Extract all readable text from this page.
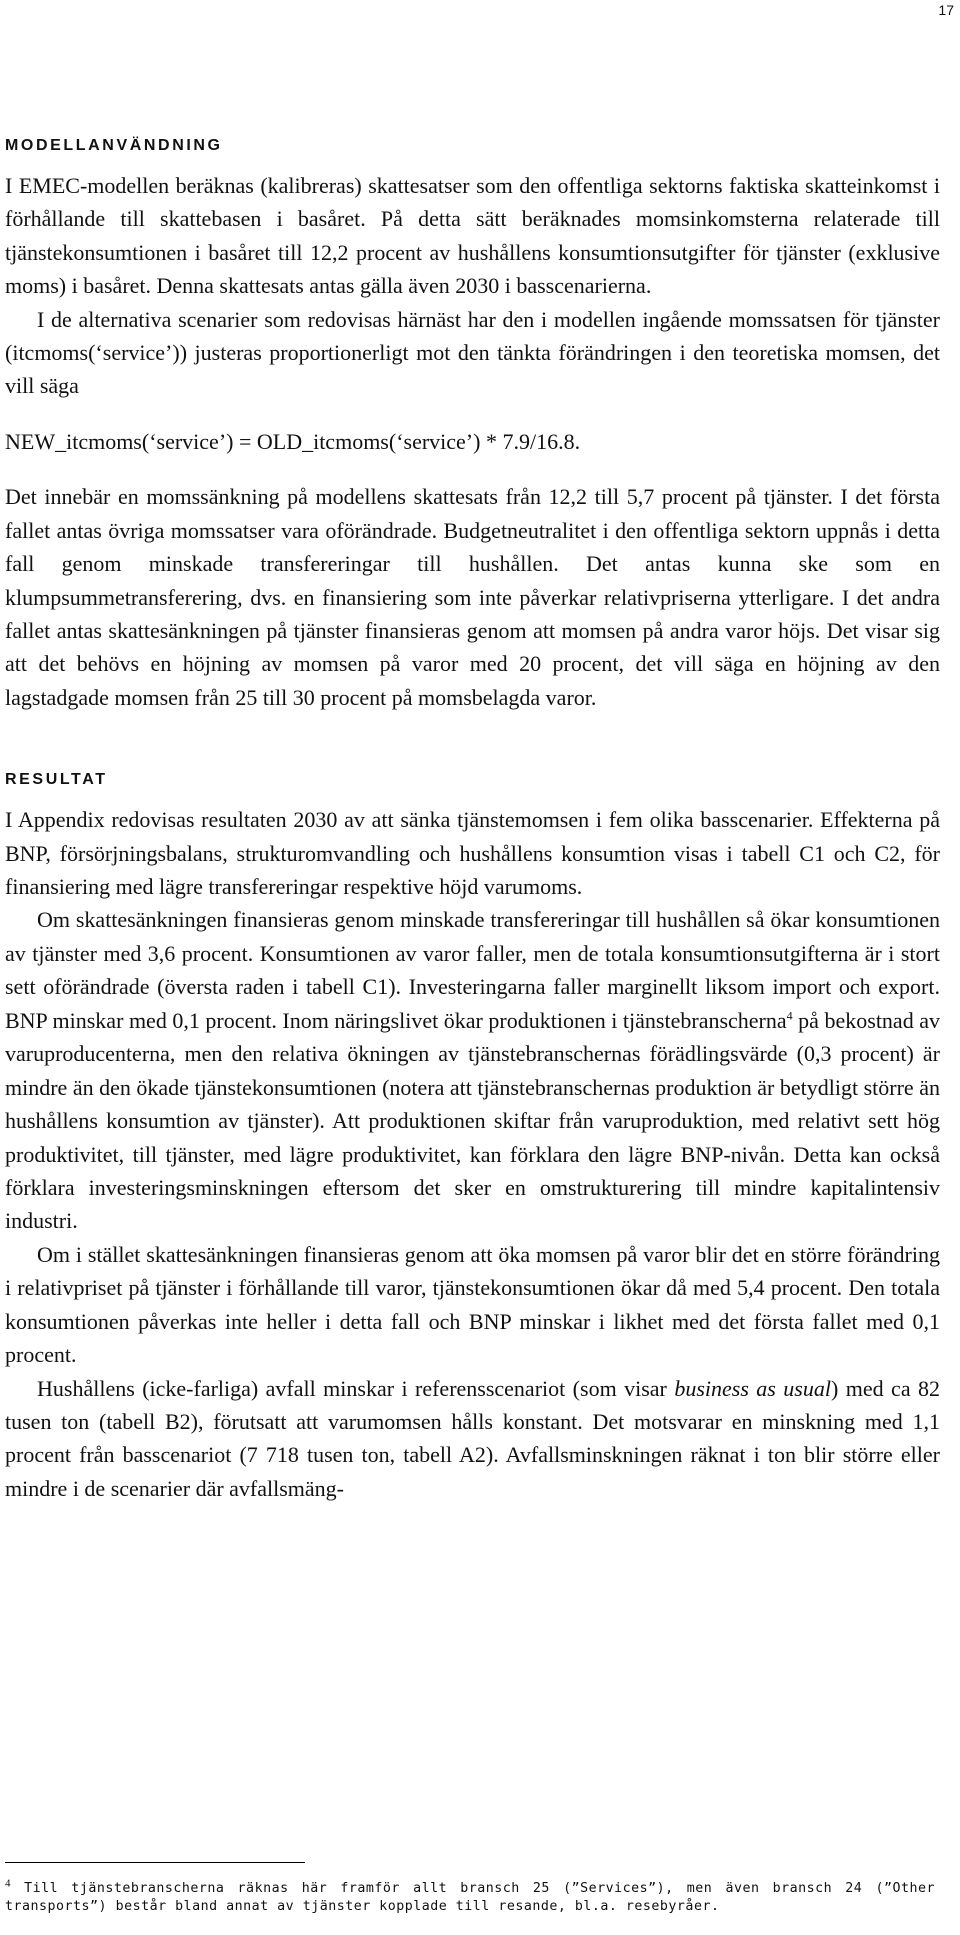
17
MODELLANVÄNDNING

I EMEC-modellen beräknas (kalibreras) skattesatser som den offentliga sektorns faktiska skatteinkomst i förhållande till skattebasen i basåret. På detta sätt beräknades momsinkomsterna relaterade till tjänstekonsumtionen i basåret till 12,2 procent av hushållens konsumtionsutgifter för tjänster (exklusive moms) i basåret. Denna skattesats antas gälla även 2030 i basscenarierna.

I de alternativa scenarier som redovisas härnäst har den i modellen ingående momssatsen för tjänster (itcmoms(‘service’)) justeras proportionerligt mot den tänkta förändringen i den teoretiska momsen, det vill säga

NEW_itcmoms(‘service’) = OLD_itcmoms(‘service’) * 7.9/16.8.

Det innebär en momssänkning på modellens skattesats från 12,2 till 5,7 procent på tjänster. I det första fallet antas övriga momssatser vara oförändrade. Budgetneutralitet i den offentliga sektorn uppnås i detta fall genom minskade transfereringar till hushållen. Det antas kunna ske som en klumpsummetransferering, dvs. en finansiering som inte påverkar relativpriserna ytterligare. I det andra fallet antas skattesänkningen på tjänster finansieras genom att momsen på andra varor höjs. Det visar sig att det behövs en höjning av momsen på varor med 20 procent, det vill säga en höjning av den lagstadgade momsen från 25 till 30 procent på momsbelagda varor.

RESULTAT

I Appendix redovisas resultaten 2030 av att sänka tjänstemomsen i fem olika basscenarier. Effekterna på BNP, försörjningsbalans, strukturomvandling och hushållens konsumtion visas i tabell C1 och C2, för finansiering med lägre transfereringar respektive höjd varumoms.

Om skattesänkningen finansieras genom minskade transfereringar till hushållen så ökar konsumtionen av tjänster med 3,6 procent. Konsumtionen av varor faller, men de totala konsumtionsutgifterna är i stort sett oförändrade (översta raden i tabell C1). Investeringarna faller marginellt liksom import och export. BNP minskar med 0,1 procent. Inom näringslivet ökar produktionen i tjänstebranscherna$^4$ på bekostnad av varuproducenterna, men den relativa ökningen av tjänstebranschernas förädlingsvärde (0,3 procent) är mindre än den ökade tjänstekonsumtionen (notera att tjänstebranschernas produktion är betydligt större än hushållens konsumtion av tjänster). Att produktionen skiftar från varuproduktion, med relativt sett hög produktivitet, till tjänster, med lägre produktivitet, kan förklara den lägre BNP-nivån. Detta kan också förklara investeringsminskningen eftersom det sker en omstrukturering till mindre kapitalintensiv industri.

Om i stället skattesänkningen finansieras genom att öka momsen på varor blir det en större förändring i relativpriset på tjänster i förhållande till varor, tjänstekonsumtionen ökar då med 5,4 procent. Den totala konsumtionen påverkas inte heller i detta fall och BNP minskar i likhet med det första fallet med 0,1 procent.

Hushållens (icke-farliga) avfall minskar i referensscenariot (som visar business as usual) med ca 82 tusen ton (tabell B2), förutsatt att varumomsen hålls konstant. Det motsvarar en minskning med 1,1 procent från basscenariot (7 718 tusen ton, tabell A2). Avfallsminskningen räknat i ton blir större eller mindre i de scenarier där avfallsmäng-

$^4$ Till tjänstebranscherna räknas här framför allt bransch 25 (”Services”), men även bransch 24 (”Other transports”) består bland annat av tjänster kopplade till resande, bl.a. resebyråer.
